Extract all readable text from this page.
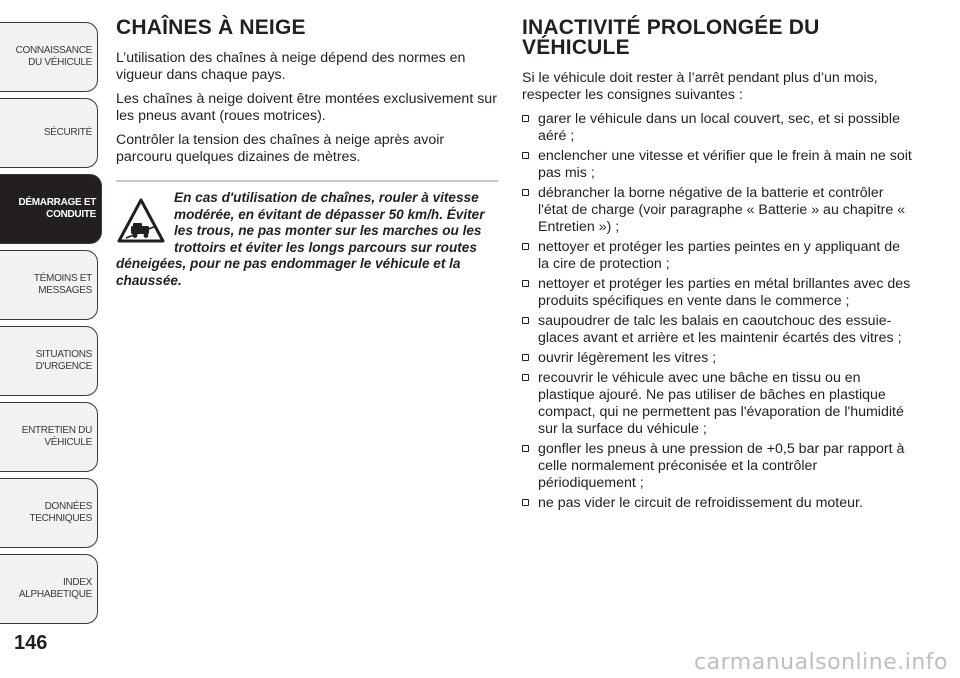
CONNAISSANCE
DU VÉHICULE
SÉCURITÉ
DÉMARRAGE ET
CONDUITE
TÉMOINS ET
MESSAGES
SITUATIONS
D'URGENCE
ENTRETIEN DU
VÉHICULE
DONNÉES
TECHNIQUES
INDEX
ALPHABETIQUE
146
CHAÎNES À NEIGE

L’utilisation des chaînes à neige dépend des normes en vigueur dans chaque pays.

Les chaînes à neige doivent être montées exclusivement sur les pneus avant (roues motrices).

Contrôler la tension des chaînes à neige après avoir parcouru quelques dizaines de mètres.

En cas d'utilisation de chaînes, rouler à vitesse modérée, en évitant de dépasser 50 km/h. Éviter les trous, ne pas monter sur les marches ou les trottoirs et éviter les longs parcours sur routes déneigées, pour ne pas endommager le véhicule et la chaussée.
INACTIVITÉ PROLONGÉE DU VÉHICULE

Si le véhicule doit rester à l’arrêt pendant plus d’un mois, respecter les consignes suivantes :

garer le véhicule dans un local couvert, sec, et si possible aéré ;
enclencher une vitesse et vérifier que le frein à main ne soit pas mis ;
débrancher la borne négative de la batterie et contrôler l'état de charge (voir paragraphe « Batterie » au chapitre « Entretien ») ;
nettoyer et protéger les parties peintes en y appliquant de la cire de protection ;
nettoyer et protéger les parties en métal brillantes avec des produits spécifiques en vente dans le commerce ;
saupoudrer de talc les balais en caoutchouc des essuie-glaces avant et arrière et les maintenir écartés des vitres ;
ouvrir légèrement les vitres ;
recouvrir le véhicule avec une bâche en tissu ou en plastique ajouré. Ne pas utiliser de bâches en plastique compact, qui ne permettent pas l'évaporation de l'humidité sur la surface du véhicule ;
gonfler les pneus à une pression de +0,5 bar par rapport à celle normalement préconisée et la contrôler périodiquement ;
ne pas vider le circuit de refroidissement du moteur.
carmanualsonline.info
